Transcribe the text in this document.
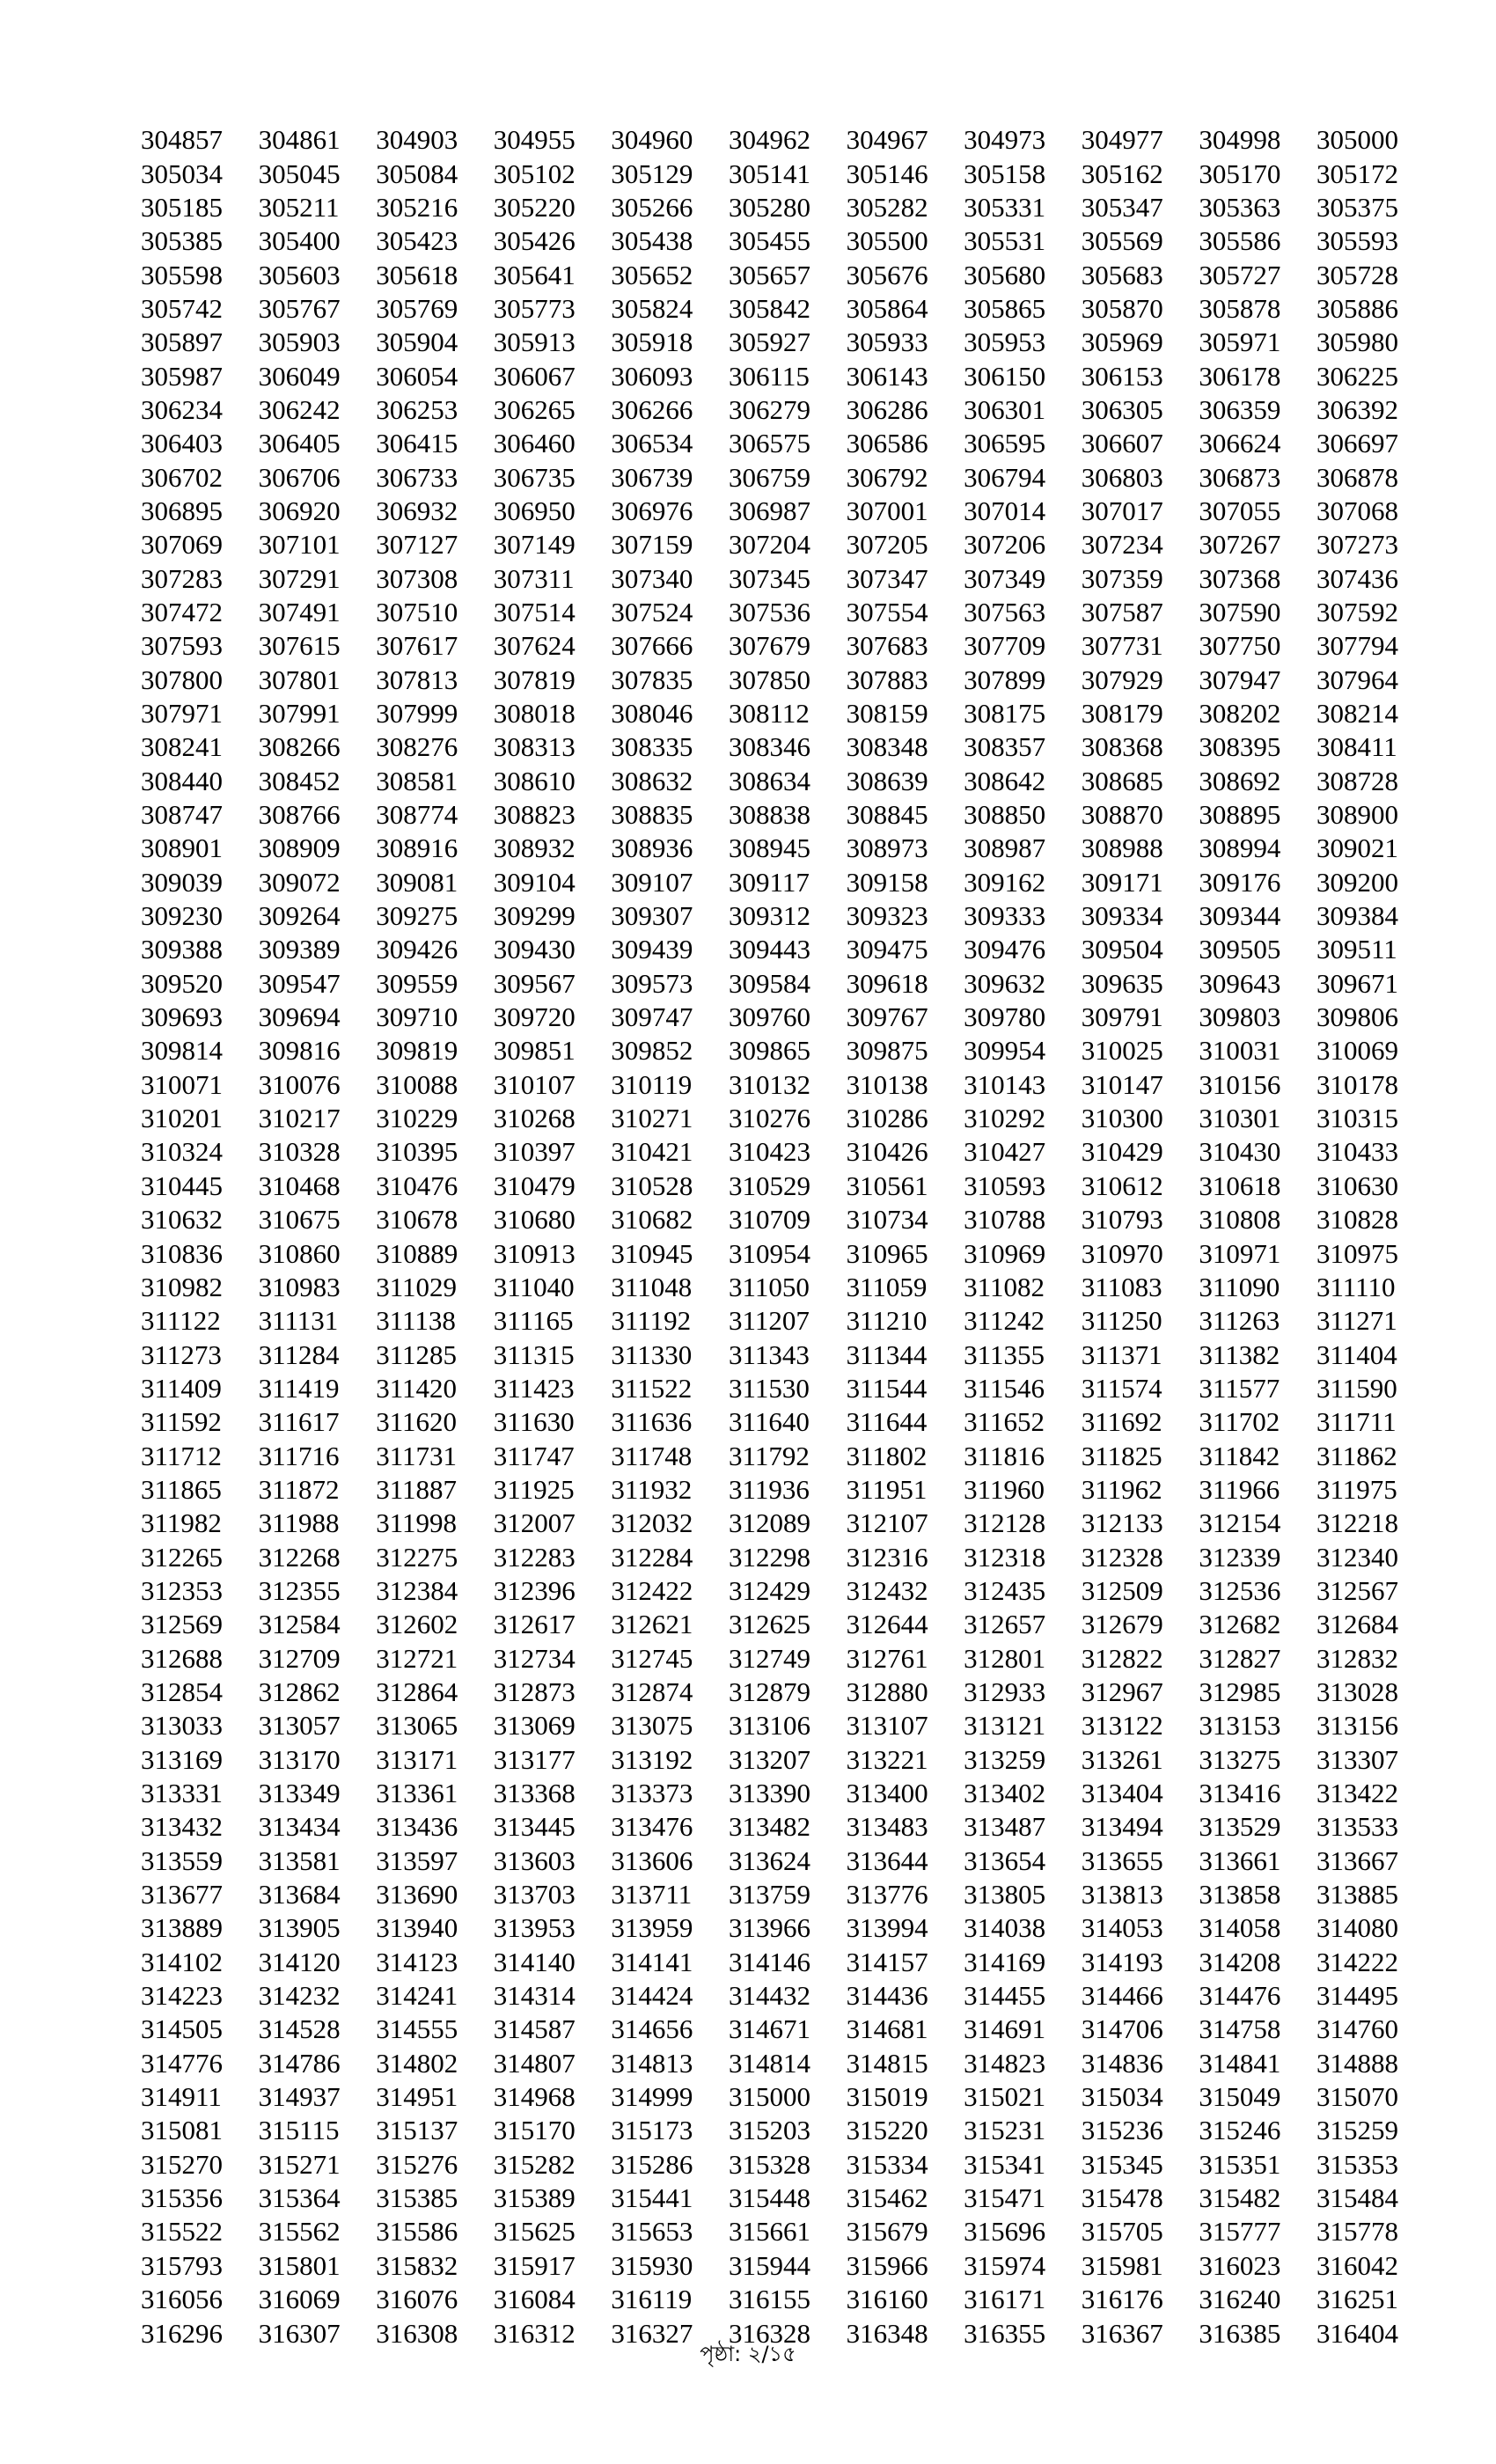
304857	304861	304903	304955	304960	304962	304967	304973	304977	304998	305000
305034	305045	305084	305102	305129	305141	305146	305158	305162	305170	305172
305185	305211	305216	305220	305266	305280	305282	305331	305347	305363	305375
305385	305400	305423	305426	305438	305455	305500	305531	305569	305586	305593
305598	305603	305618	305641	305652	305657	305676	305680	305683	305727	305728
305742	305767	305769	305773	305824	305842	305864	305865	305870	305878	305886
305897	305903	305904	305913	305918	305927	305933	305953	305969	305971	305980
305987	306049	306054	306067	306093	306115	306143	306150	306153	306178	306225
306234	306242	306253	306265	306266	306279	306286	306301	306305	306359	306392
306403	306405	306415	306460	306534	306575	306586	306595	306607	306624	306697
306702	306706	306733	306735	306739	306759	306792	306794	306803	306873	306878
306895	306920	306932	306950	306976	306987	307001	307014	307017	307055	307068
307069	307101	307127	307149	307159	307204	307205	307206	307234	307267	307273
307283	307291	307308	307311	307340	307345	307347	307349	307359	307368	307436
307472	307491	307510	307514	307524	307536	307554	307563	307587	307590	307592
307593	307615	307617	307624	307666	307679	307683	307709	307731	307750	307794
307800	307801	307813	307819	307835	307850	307883	307899	307929	307947	307964
307971	307991	307999	308018	308046	308112	308159	308175	308179	308202	308214
308241	308266	308276	308313	308335	308346	308348	308357	308368	308395	308411
308440	308452	308581	308610	308632	308634	308639	308642	308685	308692	308728
308747	308766	308774	308823	308835	308838	308845	308850	308870	308895	308900
308901	308909	308916	308932	308936	308945	308973	308987	308988	308994	309021
309039	309072	309081	309104	309107	309117	309158	309162	309171	309176	309200
309230	309264	309275	309299	309307	309312	309323	309333	309334	309344	309384
309388	309389	309426	309430	309439	309443	309475	309476	309504	309505	309511
309520	309547	309559	309567	309573	309584	309618	309632	309635	309643	309671
309693	309694	309710	309720	309747	309760	309767	309780	309791	309803	309806
309814	309816	309819	309851	309852	309865	309875	309954	310025	310031	310069
310071	310076	310088	310107	310119	310132	310138	310143	310147	310156	310178
310201	310217	310229	310268	310271	310276	310286	310292	310300	310301	310315
310324	310328	310395	310397	310421	310423	310426	310427	310429	310430	310433
310445	310468	310476	310479	310528	310529	310561	310593	310612	310618	310630
310632	310675	310678	310680	310682	310709	310734	310788	310793	310808	310828
310836	310860	310889	310913	310945	310954	310965	310969	310970	310971	310975
310982	310983	311029	311040	311048	311050	311059	311082	311083	311090	311110
311122	311131	311138	311165	311192	311207	311210	311242	311250	311263	311271
311273	311284	311285	311315	311330	311343	311344	311355	311371	311382	311404
311409	311419	311420	311423	311522	311530	311544	311546	311574	311577	311590
311592	311617	311620	311630	311636	311640	311644	311652	311692	311702	311711
311712	311716	311731	311747	311748	311792	311802	311816	311825	311842	311862
311865	311872	311887	311925	311932	311936	311951	311960	311962	311966	311975
311982	311988	311998	312007	312032	312089	312107	312128	312133	312154	312218
312265	312268	312275	312283	312284	312298	312316	312318	312328	312339	312340
312353	312355	312384	312396	312422	312429	312432	312435	312509	312536	312567
312569	312584	312602	312617	312621	312625	312644	312657	312679	312682	312684
312688	312709	312721	312734	312745	312749	312761	312801	312822	312827	312832
312854	312862	312864	312873	312874	312879	312880	312933	312967	312985	313028
313033	313057	313065	313069	313075	313106	313107	313121	313122	313153	313156
313169	313170	313171	313177	313192	313207	313221	313259	313261	313275	313307
313331	313349	313361	313368	313373	313390	313400	313402	313404	313416	313422
313432	313434	313436	313445	313476	313482	313483	313487	313494	313529	313533
313559	313581	313597	313603	313606	313624	313644	313654	313655	313661	313667
313677	313684	313690	313703	313711	313759	313776	313805	313813	313858	313885
313889	313905	313940	313953	313959	313966	313994	314038	314053	314058	314080
314102	314120	314123	314140	314141	314146	314157	314169	314193	314208	314222
314223	314232	314241	314314	314424	314432	314436	314455	314466	314476	314495
314505	314528	314555	314587	314656	314671	314681	314691	314706	314758	314760
314776	314786	314802	314807	314813	314814	314815	314823	314836	314841	314888
314911	314937	314951	314968	314999	315000	315019	315021	315034	315049	315070
315081	315115	315137	315170	315173	315203	315220	315231	315236	315246	315259
315270	315271	315276	315282	315286	315328	315334	315341	315345	315351	315353
315356	315364	315385	315389	315441	315448	315462	315471	315478	315482	315484
315522	315562	315586	315625	315653	315661	315679	315696	315705	315777	315778
315793	315801	315832	315917	315930	315944	315966	315974	315981	316023	316042
316056	316069	316076	316084	316119	316155	316160	316171	316176	316240	316251
316296	316307	316308	316312	316327	316328	316348	316355	316367	316385	316404
পৃষ্ঠা: ২/১৫
